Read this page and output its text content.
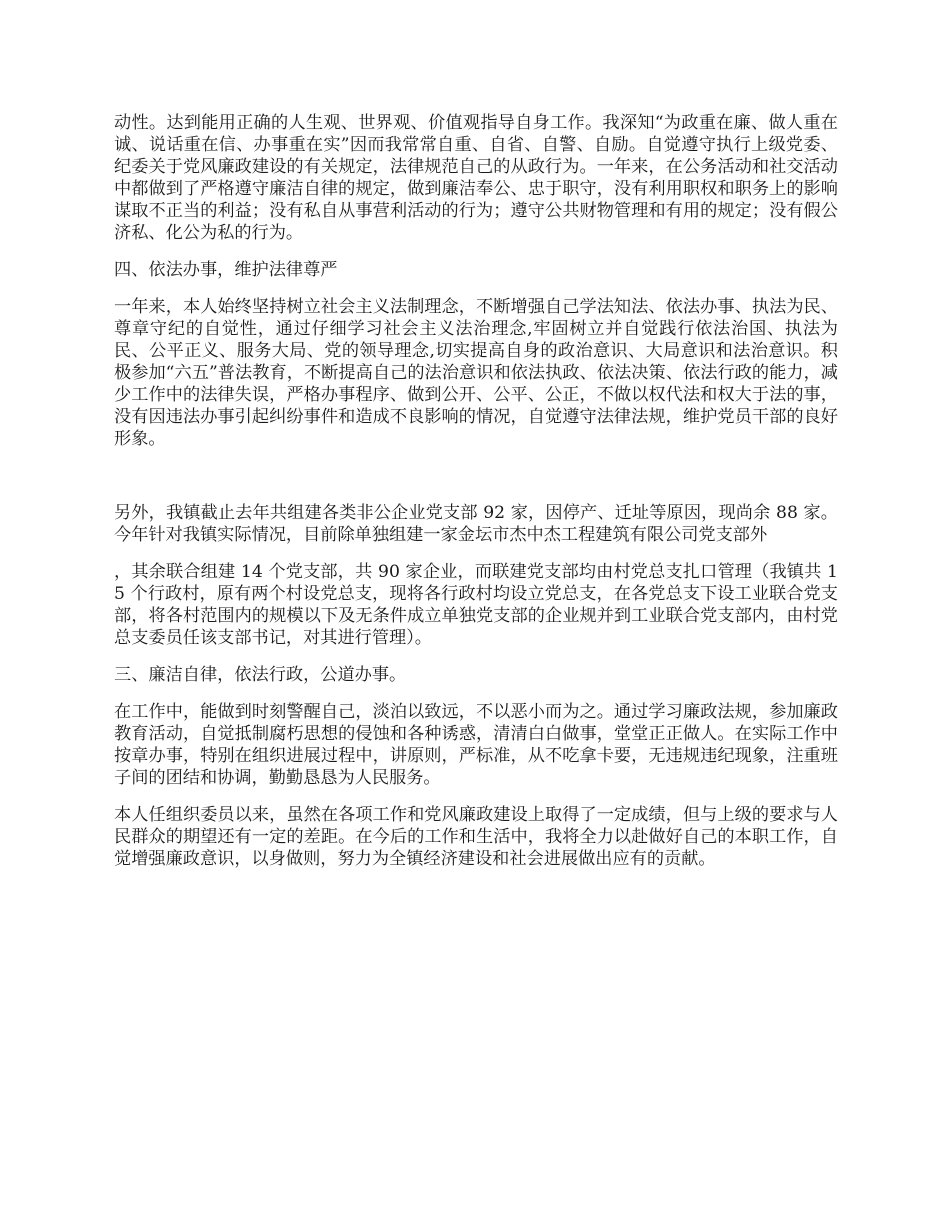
动性。达到能用正确的人生观、世界观、价值观指导自身工作。我深知“为政重在廉、做人重在诚、说话重在信、办事重在实”因而我常常自重、自省、自警、自励。自觉遵守执行上级党委、纪委关于党风廉政建设的有关规定，法律规范自己的从政行为。一年来，在公务活动和社交活动中都做到了严格遵守廉洁自律的规定，做到廉洁奉公、忠于职守，没有利用职权和职务上的影响谋取不正当的利益；没有私自从事营利活动的行为；遵守公共财物管理和有用的规定；没有假公济私、化公为私的行为。

四、依法办事，维护法律尊严

一年来，本人始终坚持树立社会主义法制理念，不断增强自己学法知法、依法办事、执法为民、尊章守纪的自觉性，通过仔细学习社会主义法治理念,牢固树立并自觉践行依法治国、执法为民、公平正义、服务大局、党的领导理念,切实提高自身的政治意识、大局意识和法治意识。积极参加“六五”普法教育，不断提高自己的法治意识和依法执政、依法决策、依法行政的能力，减少工作中的法律失误，严格办事程序、做到公开、公平、公正，不做以权代法和权大于法的事，没有因违法办事引起纠纷事件和造成不良影响的情况，自觉遵守法律法规，维护党员干部的良好形象。

另外，我镇截止去年共组建各类非公企业党支部 92 家，因停产、迁址等原因，现尚余 88 家。今年针对我镇实际情况，目前除单独组建一家金坛市杰中杰工程建筑有限公司党支部外

，其余联合组建 14 个党支部，共 90 家企业，而联建党支部均由村党总支扎口管理（我镇共 15 个行政村，原有两个村设党总支，现将各行政村均设立党总支，在各党总支下设工业联合党支部，将各村范围内的规模以下及无条件成立单独党支部的企业规并到工业联合党支部内，由村党总支委员任该支部书记，对其进行管理）。

三、廉洁自律，依法行政，公道办事。

在工作中，能做到时刻警醒自己，淡泊以致远，不以恶小而为之。通过学习廉政法规，参加廉政教育活动，自觉抵制腐朽思想的侵蚀和各种诱惑，清清白白做事，堂堂正正做人。在实际工作中按章办事，特别在组织进展过程中，讲原则，严标准，从不吃拿卡要，无违规违纪现象，注重班子间的团结和协调，勤勤恳恳为人民服务。

本人任组织委员以来，虽然在各项工作和党风廉政建设上取得了一定成绩，但与上级的要求与人民群众的期望还有一定的差距。在今后的工作和生活中，我将全力以赴做好自己的本职工作，自觉增强廉政意识，以身做则，努力为全镇经济建设和社会进展做出应有的贡献。
